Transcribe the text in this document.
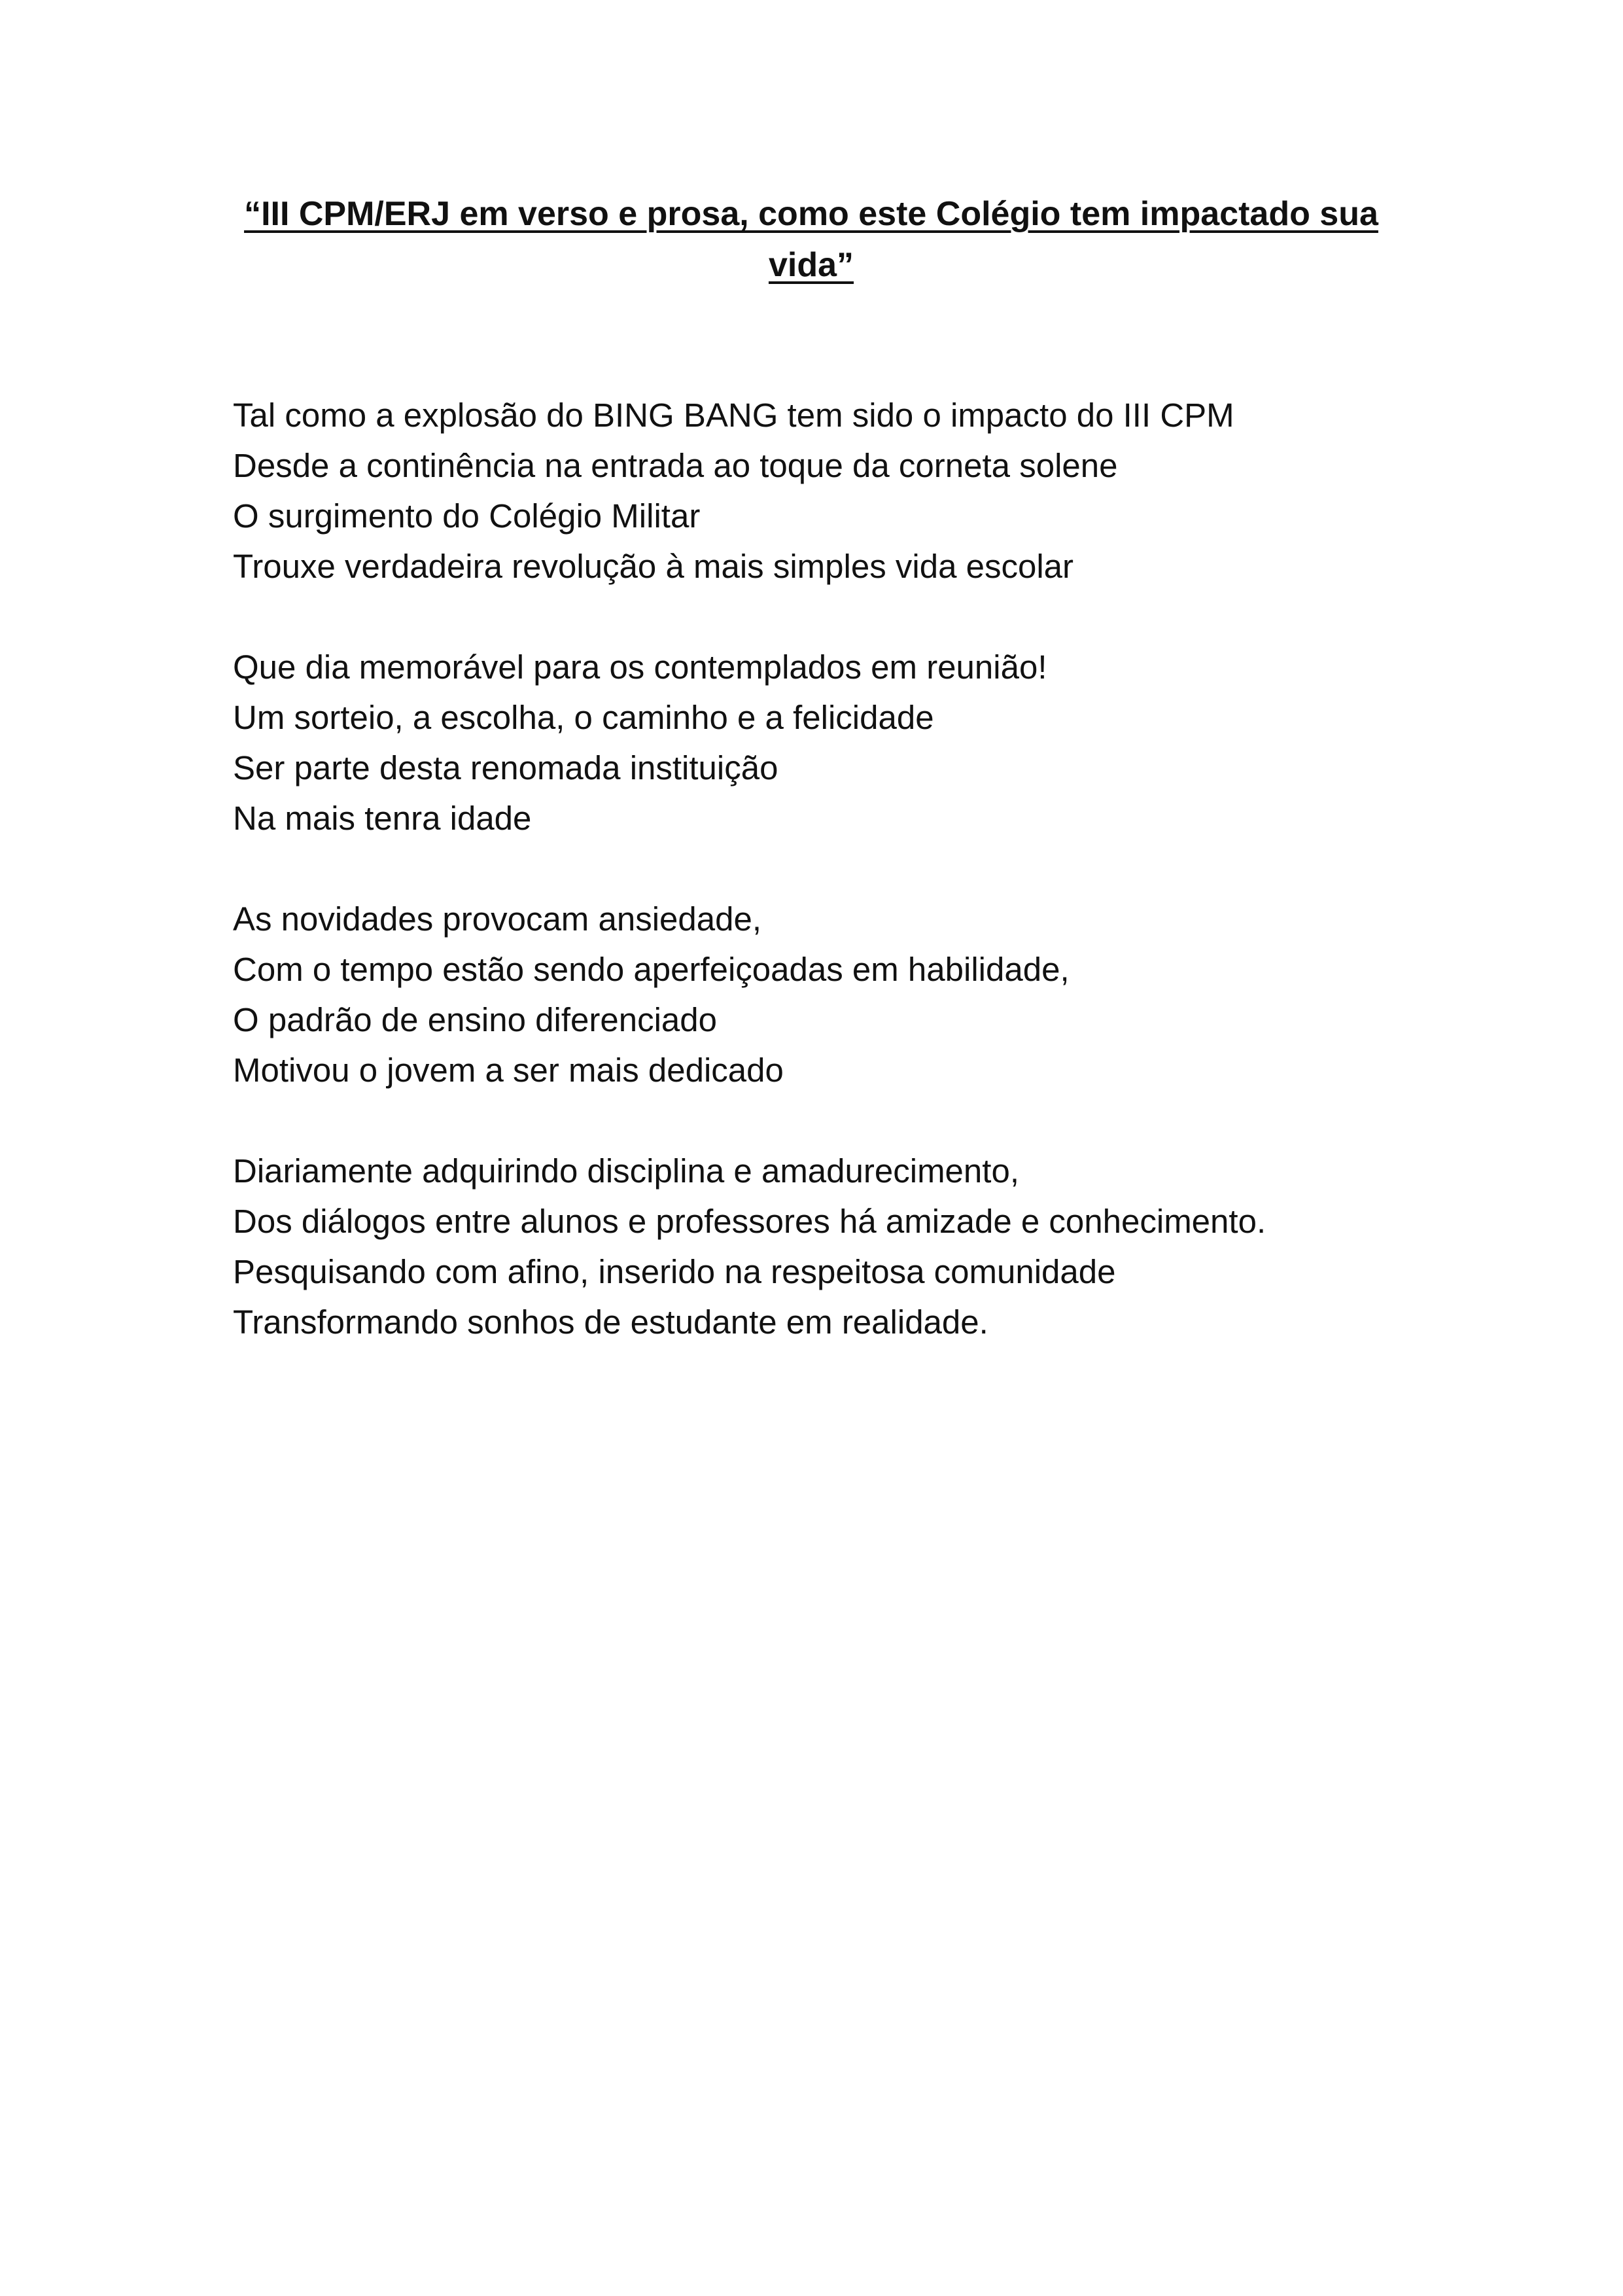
“III CPM/ERJ em verso e prosa, como este Colégio tem impactado sua
vida”
Tal como a explosão do BING BANG tem sido o impacto do III CPM
Desde a continência na entrada ao toque da corneta solene
O surgimento do Colégio Militar
Trouxe verdadeira revolução à mais simples vida escolar
Que dia memorável para os contemplados em reunião!
Um sorteio, a escolha, o caminho e a felicidade
Ser parte desta renomada instituição
Na mais tenra idade
As novidades provocam ansiedade,
Com o tempo estão sendo aperfeiçoadas em habilidade,
O padrão de ensino diferenciado
Motivou o jovem a ser mais dedicado
Diariamente adquirindo disciplina e amadurecimento,
Dos diálogos entre alunos e professores há amizade e conhecimento.
Pesquisando com afino, inserido na respeitosa comunidade
Transformando sonhos de estudante em realidade.
